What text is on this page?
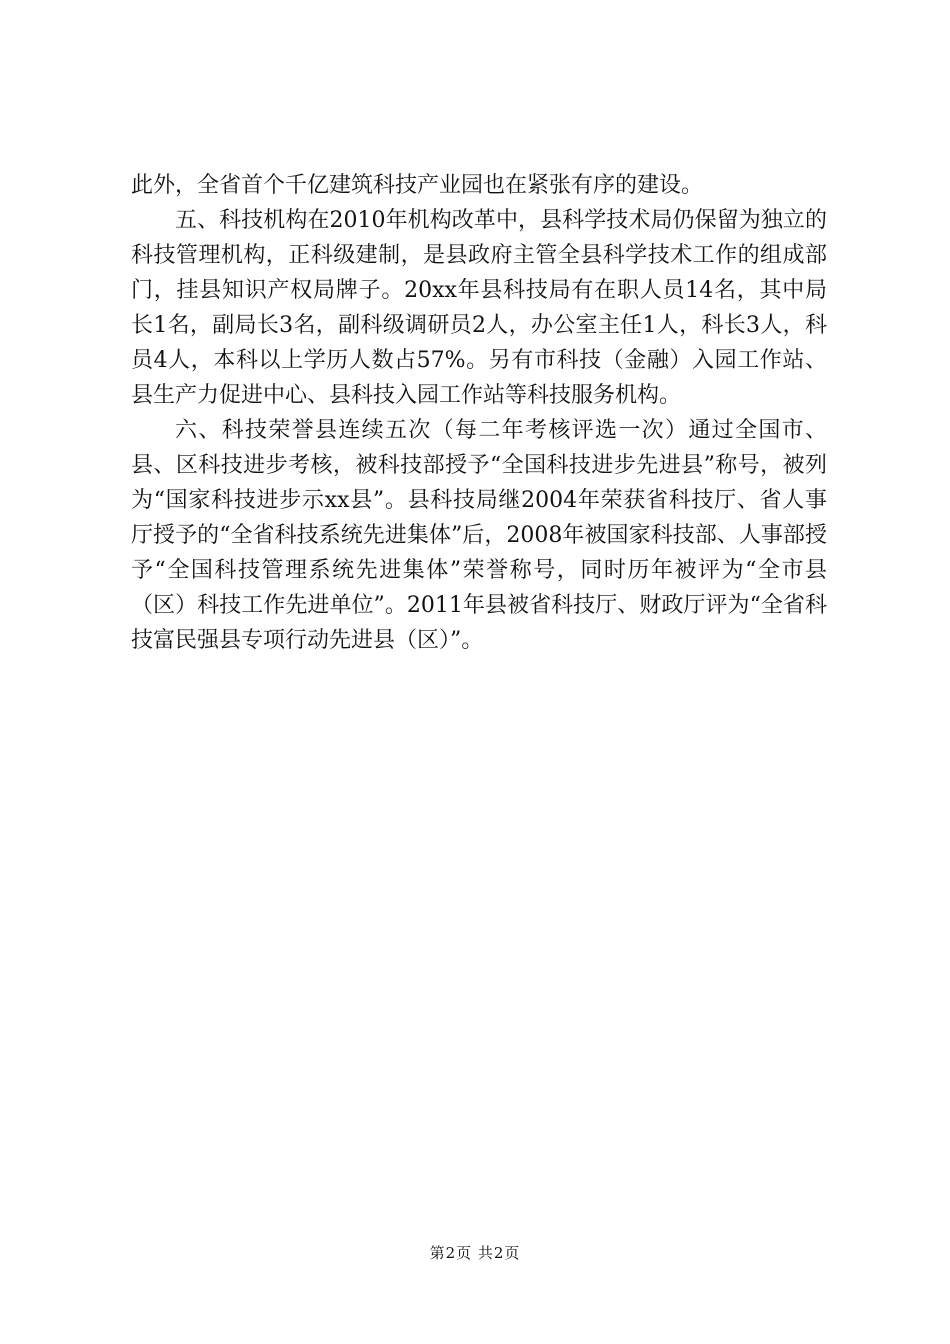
此外，全省首个千亿建筑科技产业园也在紧张有序的建设。

五、科技机构在2010年机构改革中，县科学技术局仍保留为独立的科技管理机构，正科级建制，是县政府主管全县科学技术工作的组成部门，挂县知识产权局牌子。20xx年县科技局有在职人员14名，其中局长1名，副局长3名，副科级调研员2人，办公室主任1人，科长3人，科员4人，本科以上学历人数占57%。另有市科技（金融）入园工作站、县生产力促进中心、县科技入园工作站等科技服务机构。

六、科技荣誉县连续五次（每二年考核评选一次）通过全国市、县、区科技进步考核，被科技部授予“全国科技进步先进县”称号，被列为“国家科技进步示xx县”。县科技局继2004年荣获省科技厅、省人事厅授予的“全省科技系统先进集体”后，2008年被国家科技部、人事部授予“全国科技管理系统先进集体”荣誉称号，同时历年被评为“全市县（区）科技工作先进单位”。2011年县被省科技厅、财政厅评为“全省科技富民强县专项行动先进县（区）”。

第2页 共2页
